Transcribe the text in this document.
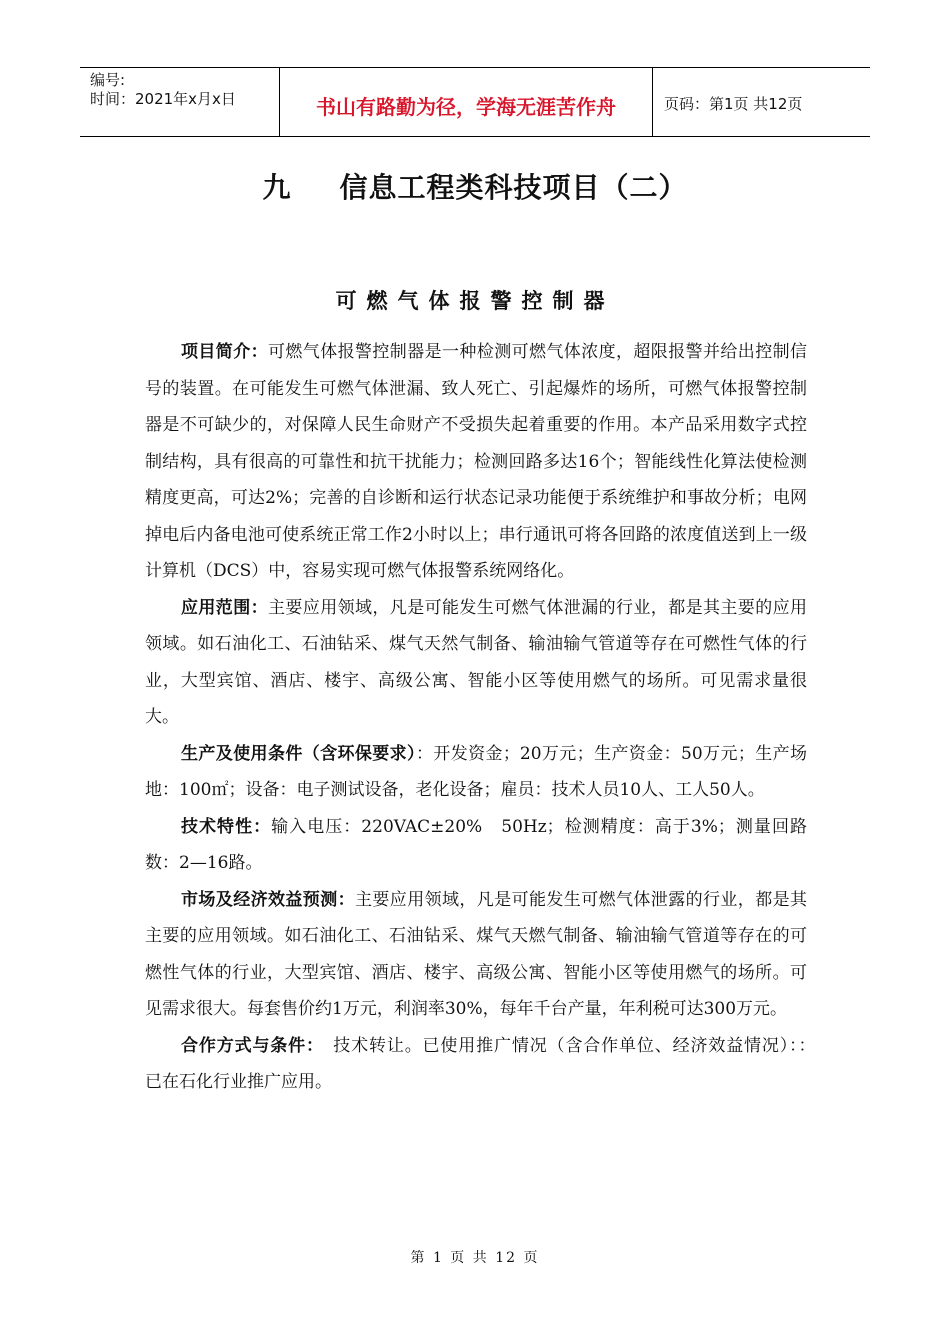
编号:
时间：2021年x月x日	书山有路勤为径，学海无涯苦作舟	页码：第1页 共12页
九 信息工程类科技项目（二）
可燃气体报警控制器

项目简介：可燃气体报警控制器是一种检测可燃气体浓度，超限报警并给出控制信号的装置。在可能发生可燃气体泄漏、致人死亡、引起爆炸的场所，可燃气体报警控制器是不可缺少的，对保障人民生命财产不受损失起着重要的作用。本产品采用数字式控制结构，具有很高的可靠性和抗干扰能力；检测回路多达16个；智能线性化算法使检测精度更高，可达2%；完善的自诊断和运行状态记录功能便于系统维护和事故分析；电网掉电后内备电池可使系统正常工作2小时以上；串行通讯可将各回路的浓度值送到上一级计算机（DCS）中，容易实现可燃气体报警系统网络化。

应用范围：主要应用领域，凡是可能发生可燃气体泄漏的行业，都是其主要的应用领域。如石油化工、石油钻采、煤气天然气制备、输油输气管道等存在可燃性气体的行业，大型宾馆、酒店、楼宇、高级公寓、智能小区等使用燃气的场所。可见需求量很大。

生产及使用条件（含环保要求）：开发资金；20万元；生产资金：50万元；生产场地：100㎡；设备：电子测试设备，老化设备；雇员：技术人员10人、工人50人。

技术特性：输入电压：220VAC±20%　50Hz；检测精度：高于3%；测量回路数：2—16路。

市场及经济效益预测：主要应用领域，凡是可能发生可燃气体泄露的行业，都是其主要的应用领域。如石油化工、石油钻采、煤气天燃气制备、输油输气管道等存在的可燃性气体的行业，大型宾馆、酒店、楼宇、高级公寓、智能小区等使用燃气的场所。可见需求很大。每套售价约1万元，利润率30%，每年千台产量，年利税可达300万元。

合作方式与条件：　技术转让。已使用推广情况（含合作单位、经济效益情况）：：　已在石化行业推广应用。

第 1 页 共 12 页
